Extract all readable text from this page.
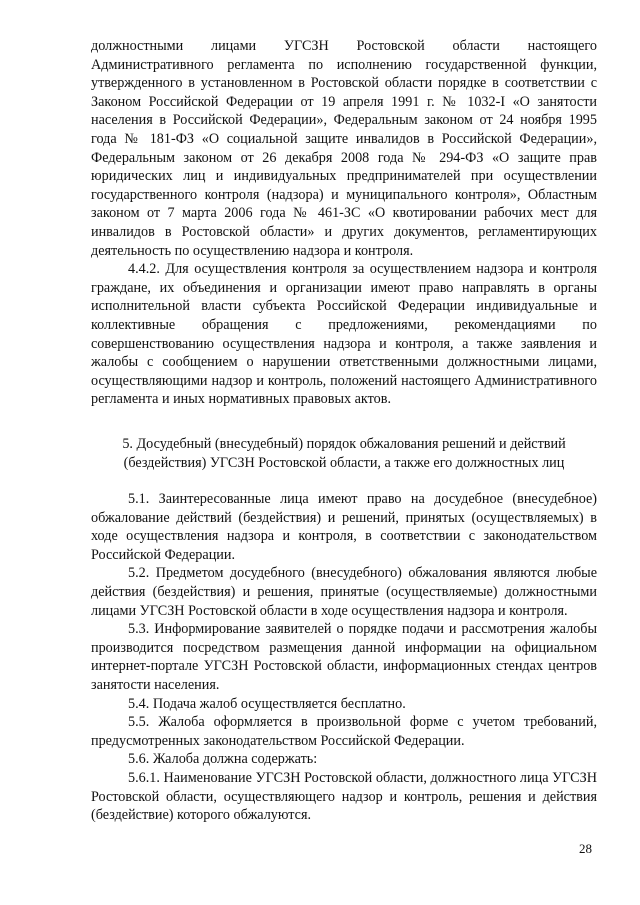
должностными лицами УГСЗН Ростовской области настоящего Административного регламента по исполнению государственной функции, утвержденного в установленном в Ростовской области порядке в соответствии с Законом Российской Федерации от 19 апреля 1991 г. № 1032-I «О занятости населения в Российской Федерации», Федеральным законом от 24 ноября 1995 года № 181-ФЗ «О социальной защите инвалидов в Российской Федерации», Федеральным законом от 26 декабря 2008 года № 294-ФЗ «О защите прав юридических лиц и индивидуальных предпринимателей при осуществлении государственного контроля (надзора) и муниципального контроля», Областным законом от 7 марта 2006 года № 461-ЗС «О квотировании рабочих мест для инвалидов в Ростовской области» и других документов, регламентирующих деятельность по осуществлению надзора и контроля.

4.4.2. Для осуществления контроля за осуществлением надзора и контроля граждане, их объединения и организации имеют право направлять в органы исполнительной власти субъекта Российской Федерации индивидуальные и коллективные обращения с предложениями, рекомендациями по совершенствованию осуществления надзора и контроля, а также заявления и жалобы с сообщением о нарушении ответственными должностными лицами, осуществляющими надзор и контроль, положений настоящего Административного регламента и иных нормативных правовых актов.

5. Досудебный (внесудебный) порядок обжалования решений и действий (бездействия) УГСЗН Ростовской области, а также его должностных лиц

5.1. Заинтересованные лица имеют право на досудебное (внесудебное) обжалование действий (бездействия) и решений, принятых (осуществляемых) в ходе осуществления надзора и контроля, в соответствии с законодательством Российской Федерации.

5.2. Предметом досудебного (внесудебного) обжалования являются любые действия (бездействия) и решения, принятые (осуществляемые) должностными лицами УГСЗН Ростовской области в ходе осуществления надзора и контроля.

5.3. Информирование заявителей о порядке подачи и рассмотрения жалобы производится посредством размещения данной информации на официальном интернет-портале УГСЗН Ростовской области, информационных стендах центров занятости населения.

5.4. Подача жалоб осуществляется бесплатно.

5.5. Жалоба оформляется в произвольной форме с учетом требований, предусмотренных законодательством Российской Федерации.

5.6. Жалоба должна содержать:

5.6.1. Наименование УГСЗН Ростовской области, должностного лица УГСЗН Ростовской области, осуществляющего надзор и контроль, решения и действия (бездействие) которого обжалуются.

28
